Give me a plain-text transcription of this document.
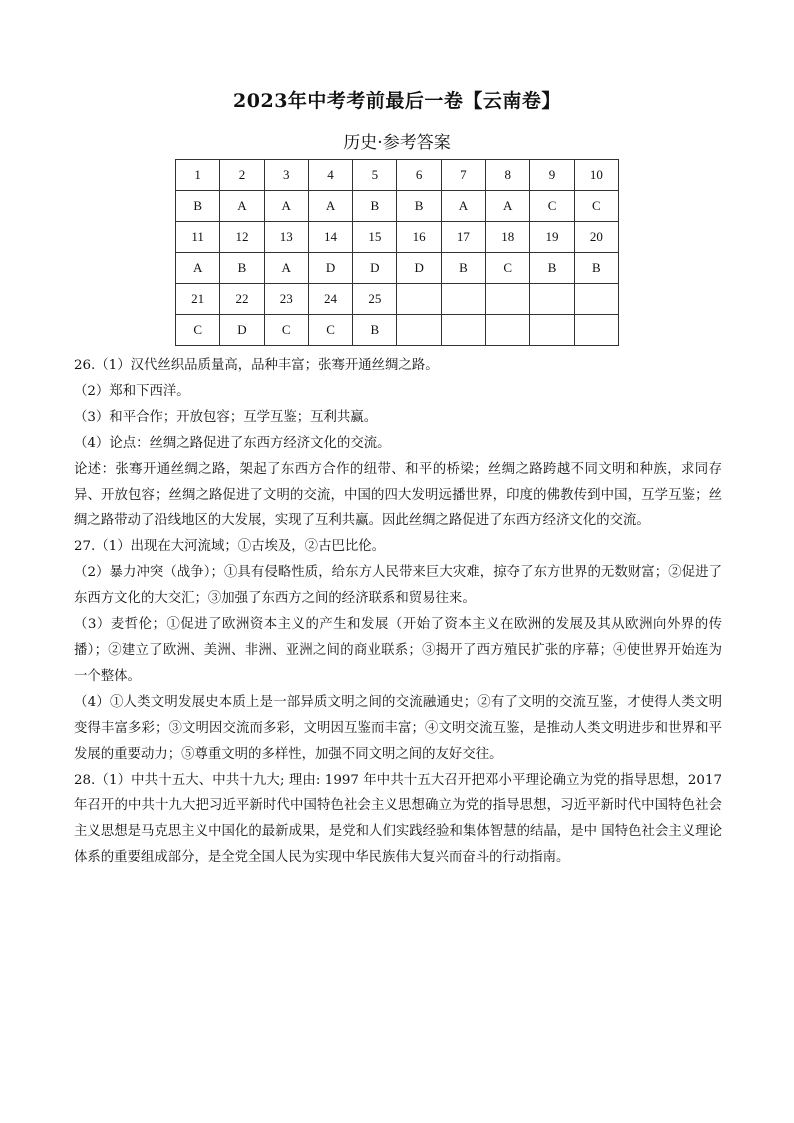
2023年中考考前最后一卷【云南卷】
历史·参考答案
1	2	3	4	5	6	7	8	9	10
B	A	A	A	B	B	A	A	C	C
11	12	13	14	15	16	17	18	19	20
A	B	A	D	D	D	B	C	B	B
21	22	23	24	25					
C	D	C	C	B					

26.（1）汉代丝织品质量高，品种丰富；张骞开通丝绸之路。

（2）郑和下西洋。

（3）和平合作；开放包容；互学互鉴；互利共赢。

（4）论点：丝绸之路促进了东西方经济文化的交流。

论述：张骞开通丝绸之路，架起了东西方合作的纽带、和平的桥梁；丝绸之路跨越不同文明和种族，求同存异、开放包容；丝绸之路促进了文明的交流，中国的四大发明远播世界，印度的佛教传到中国，互学互鉴；丝绸之路带动了沿线地区的大发展，实现了互利共赢。因此丝绸之路促进了东西方经济文化的交流。

27.（1）出现在大河流域；①古埃及，②古巴比伦。

（2）暴力冲突（战争）；①具有侵略性质，给东方人民带来巨大灾难，掠夺了东方世界的无数财富；②促进了东西方文化的大交汇；③加强了东西方之间的经济联系和贸易往来。

（3）麦哲伦；①促进了欧洲资本主义的产生和发展（开始了资本主义在欧洲的发展及其从欧洲向外界的传播）；②建立了欧洲、美洲、非洲、亚洲之间的商业联系；③揭开了西方殖民扩张的序幕；④使世界开始连为一个整体。

（4）①人类文明发展史本质上是一部异质文明之间的交流融通史；②有了文明的交流互鉴，才使得人类文明变得丰富多彩；③文明因交流而多彩，文明因互鉴而丰富；④文明交流互鉴，是推动人类文明进步和世界和平发展的重要动力；⑤尊重文明的多样性，加强不同文明之间的友好交往。

28.（1）中共十五大、中共十九大; 理由: 1997 年中共十五大召开把邓小平理论确立为党的指导思想，2017 年召开的中共十九大把习近平新时代中国特色社会主义思想确立为党的指导思想，习近平新时代中国特色社会主义思想是马克思主义中国化的最新成果，是党和人们实践经验和集体智慧的结晶，是中 国特色社会主义理论体系的重要组成部分，是全党全国人民为实现中华民族伟大复兴而奋斗的行动指南。
